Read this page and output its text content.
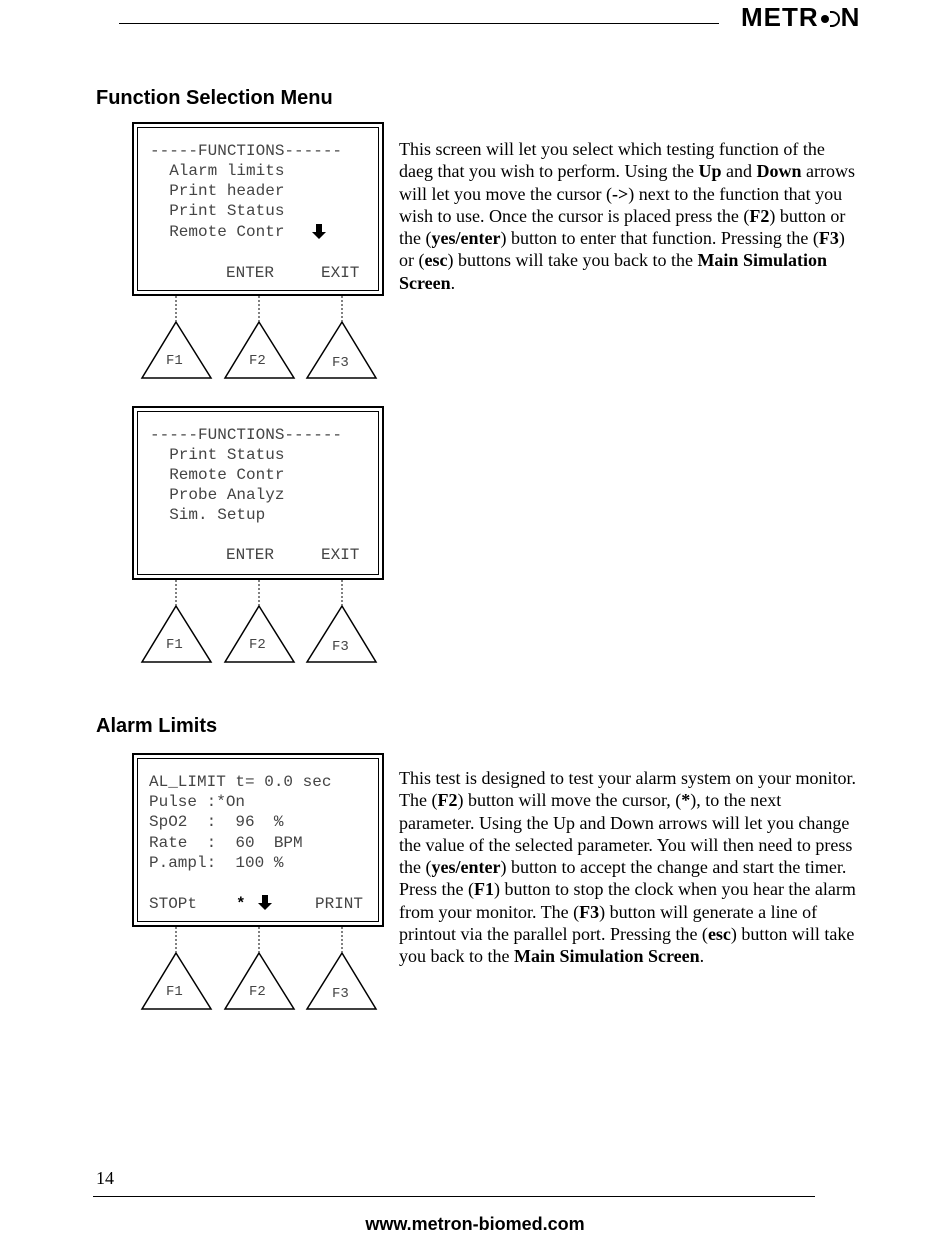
METR N
Function Selection Menu
-----FUNCTIONS------
Alarm limits
Print header
Print Status
Remote Contr
ENTER	EXIT
F1	F2	F3
This screen will let you select which testing function of the daeg that you wish to perform. Using the Up and Down arrows will let you move the cursor (->) next to the function that you wish to use. Once the cursor is placed press the (F2) button or the (yes/enter) button to enter that function. Pressing the (F3) or (esc) buttons will take you back to the Main Simulation Screen.
-----FUNCTIONS------
Print Status
Remote Contr
Probe Analyz
Sim. Setup
ENTER	EXIT
F1	F2	F3
Alarm Limits
AL_LIMIT t= 0.0 sec
Pulse :*On
SpO2  :  96  %
Rate  :  60  BPM
P.ampl:  100 %
STOPt *	PRINT
F1	F2	F3
This test is designed to test your alarm system on your monitor. The (F2) button will move the cursor, (*), to the next parameter. Using the Up and Down arrows will let you change the value of the selected parameter. You will then need to press the (yes/enter) button to accept the change and start the timer. Press the (F1) button to stop the clock when you hear the alarm from your monitor. The (F3) button will generate a line of printout via the parallel port. Pressing the (esc) button will take you back to the Main Simulation Screen.
14
www.metron-biomed.com
